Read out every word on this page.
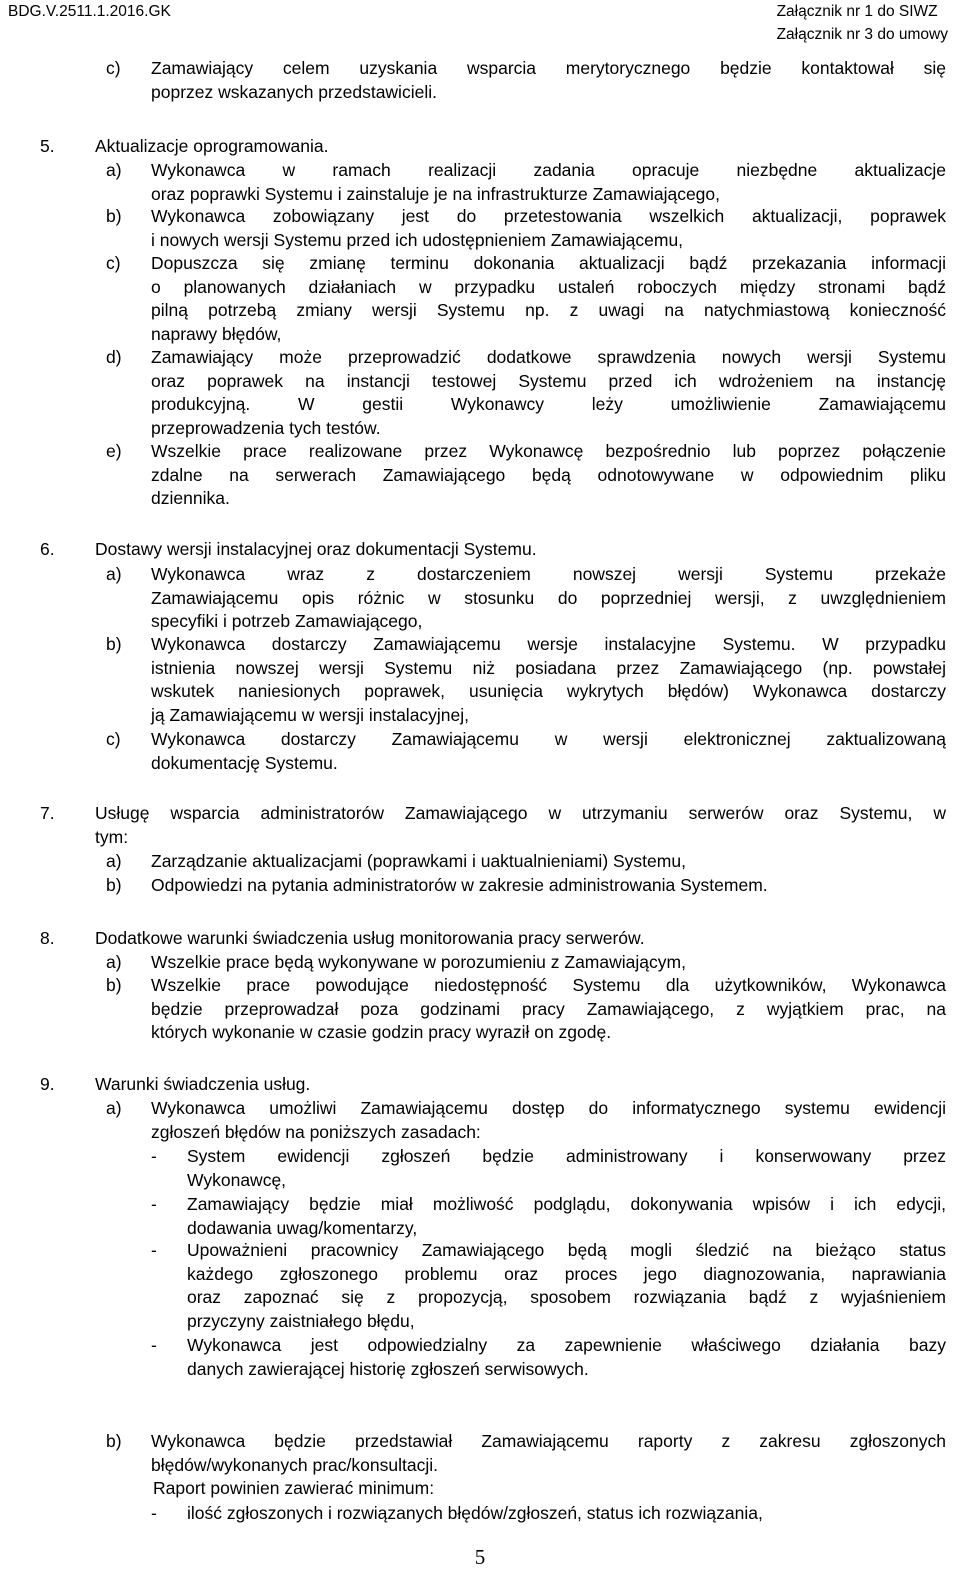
BDG.V.2511.1.2016.GK	Załącznik nr 1 do SIWZ
Załącznik nr 3 do umowy
c) Zamawiający celem uzyskania wsparcia merytorycznego będzie kontaktował się
poprzez wskazanych przedstawicieli.
5. Aktualizacje oprogramowania.
a) Wykonawca w ramach realizacji zadania opracuje niezbędne aktualizacje
oraz poprawki Systemu i zainstaluje je na infrastrukturze Zamawiającego,
b) Wykonawca zobowiązany jest do przetestowania wszelkich aktualizacji, poprawek
i nowych wersji Systemu przed ich udostępnieniem Zamawiającemu,
c) Dopuszcza się zmianę terminu dokonania aktualizacji bądź przekazania informacji
o planowanych działaniach w przypadku ustaleń roboczych między stronami bądź
pilną potrzebą zmiany wersji Systemu np. z uwagi na natychmiastową konieczność
naprawy błędów,
d) Zamawiający może przeprowadzić dodatkowe sprawdzenia nowych wersji Systemu
oraz poprawek na instancji testowej Systemu przed ich wdrożeniem na instancję
produkcyjną. W gestii Wykonawcy leży umożliwienie Zamawiającemu
przeprowadzenia tych testów.
e) Wszelkie prace realizowane przez Wykonawcę bezpośrednio lub poprzez połączenie
zdalne na serwerach Zamawiającego będą odnotowywane w odpowiednim pliku
dziennika.
6. Dostawy wersji instalacyjnej oraz dokumentacji Systemu.
a) Wykonawca wraz z dostarczeniem nowszej wersji Systemu przekaże
Zamawiającemu opis różnic w stosunku do poprzedniej wersji, z uwzględnieniem
specyfiki i potrzeb Zamawiającego,
b) Wykonawca dostarczy Zamawiającemu wersje instalacyjne Systemu. W przypadku
istnienia nowszej wersji Systemu niż posiadana przez Zamawiającego (np. powstałej
wskutek naniesionych poprawek, usunięcia wykrytych błędów) Wykonawca dostarczy
ją Zamawiającemu w wersji instalacyjnej,
c) Wykonawca dostarczy Zamawiającemu w wersji elektronicznej zaktualizowaną
dokumentację Systemu.
7. Usługę wsparcia administratorów Zamawiającego w utrzymaniu serwerów oraz Systemu, w
tym:
a) Zarządzanie aktualizacjami (poprawkami i uaktualnieniami) Systemu,
b) Odpowiedzi na pytania administratorów w zakresie administrowania Systemem.
8. Dodatkowe warunki świadczenia usług monitorowania pracy serwerów.
a) Wszelkie prace będą wykonywane w porozumieniu z Zamawiającym,
b) Wszelkie prace powodujące niedostępność Systemu dla użytkowników, Wykonawca
będzie przeprowadzał poza godzinami pracy Zamawiającego, z wyjątkiem prac, na
których wykonanie w czasie godzin pracy wyraził on zgodę.
9. Warunki świadczenia usług.
a) Wykonawca umożliwi Zamawiającemu dostęp do informatycznego systemu ewidencji
zgłoszeń błędów na poniższych zasadach:
- System ewidencji zgłoszeń będzie administrowany i konserwowany przez
Wykonawcę,
- Zamawiający będzie miał możliwość podglądu, dokonywania wpisów i ich edycji,
dodawania uwag/komentarzy,
- Upoważnieni pracownicy Zamawiającego będą mogli śledzić na bieżąco status
każdego zgłoszonego problemu oraz proces jego diagnozowania, naprawiania
oraz zapoznać się z propozycją, sposobem rozwiązania bądź z wyjaśnieniem
przyczyny zaistniałego błędu,
- Wykonawca jest odpowiedzialny za zapewnienie właściwego działania bazy
danych zawierającej historię zgłoszeń serwisowych.
b) Wykonawca będzie przedstawiał Zamawiającemu raporty z zakresu zgłoszonych
błędów/wykonanych prac/konsultacji.
Raport powinien zawierać minimum:
- ilość zgłoszonych i rozwiązanych błędów/zgłoszeń, status ich rozwiązania,
5
